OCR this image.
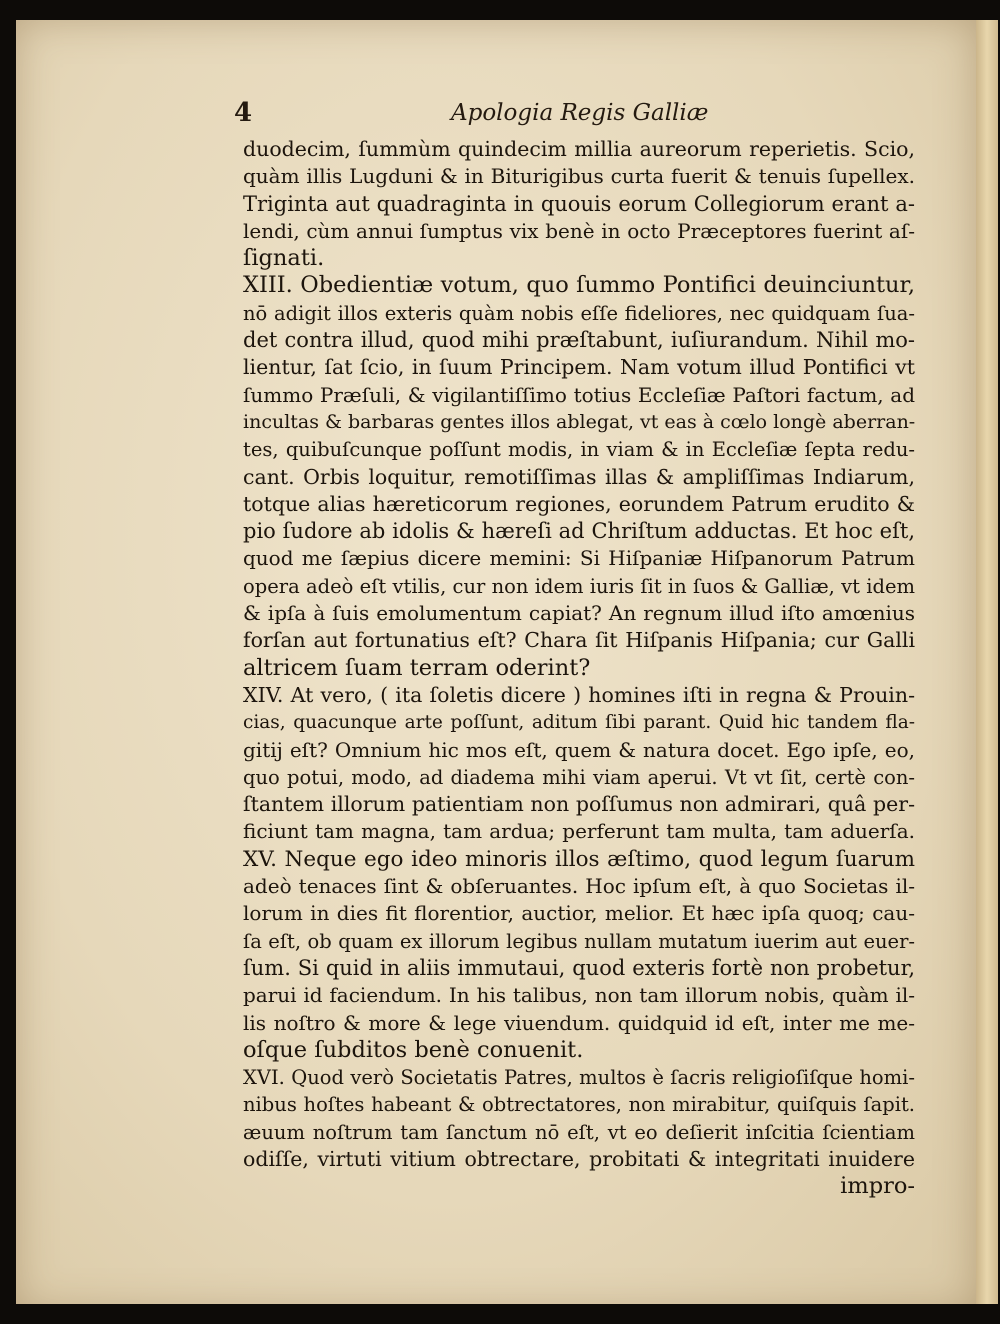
4	Apologia Regis Galliæ
duodecim, ſummùm quindecim millia aureorum reperietis. Scio,
quàm illis Lugduni & in Biturigibus curta fuerit & tenuis ſupellex.
Triginta aut quadraginta in quouis eorum Collegiorum erant a-
lendi, cùm annui ſumptus vix benè in octo Præceptores fuerint aſ-
ſignati.
XIII. Obedientiæ votum, quo ſummo Pontifici deuinciuntur,
nō adigit illos exteris quàm nobis eſſe fideliores, nec quidquam ſua-
det contra illud, quod mihi præſtabunt, iuſiurandum. Nihil mo-
lientur, ſat ſcio, in ſuum Principem. Nam votum illud Pontifici vt
ſummo Præſuli, & vigilantiſſimo totius Eccleſiæ Paſtori factum, ad
incultas & barbaras gentes illos ablegat, vt eas à cœlo longè aberran-
tes, quibuſcunque poſſunt modis, in viam & in Eccleſiæ ſepta redu-
cant. Orbis loquitur, remotiſſimas illas & ampliſſimas Indiarum,
totque alias hæreticorum regiones, eorundem Patrum erudito &
pio ſudore ab idolis & hæreſi ad Chriſtum adductas. Et hoc eſt,
quod me ſæpius dicere memini: Si Hiſpaniæ Hiſpanorum Patrum
opera adeò eſt vtilis, cur non idem iuris ſit in ſuos & Galliæ, vt idem
& ipſa à ſuis emolumentum capiat? An regnum illud iſto amœnius
forſan aut fortunatius eſt? Chara ſit Hiſpanis Hiſpania; cur Galli
altricem ſuam terram oderint?
XIV. At vero, ( ita ſoletis dicere ) homines iſti in regna & Prouin-
cias, quacunque arte poſſunt, aditum ſibi parant. Quid hic tandem fla-
gitij eſt? Omnium hic mos eſt, quem & natura docet. Ego ipſe, eo,
quo potui, modo, ad diadema mihi viam aperui. Vt vt ſit, certè con-
ſtantem illorum patientiam non poſſumus non admirari, quâ per-
ficiunt tam magna, tam ardua; perferunt tam multa, tam aduerſa.
XV. Neque ego ideo minoris illos æſtimo, quod legum ſuarum
adeò tenaces ſint & obſeruantes. Hoc ipſum eſt, à quo Societas il-
lorum in dies fit florentior, auctior, melior. Et hæc ipſa quoq; cau-
ſa eſt, ob quam ex illorum legibus nullam mutatum iuerim aut euer-
ſum. Si quid in aliis immutaui, quod exteris fortè non probetur,
parui id faciendum. In his talibus, non tam illorum nobis, quàm il-
lis noſtro & more & lege viuendum. quidquid id eſt, inter me me-
oſque ſubditos benè conuenit.
XVI. Quod verò Societatis Patres, multos è ſacris religioſiſque homi-
nibus hoſtes habeant & obtrectatores, non mirabitur, quiſquis ſapit.
æuum noſtrum tam ſanctum nō eſt, vt eo deſierit inſcitia ſcientiam
odiſſe, virtuti vitium obtrectare, probitati & integritati inuidere
impro-
